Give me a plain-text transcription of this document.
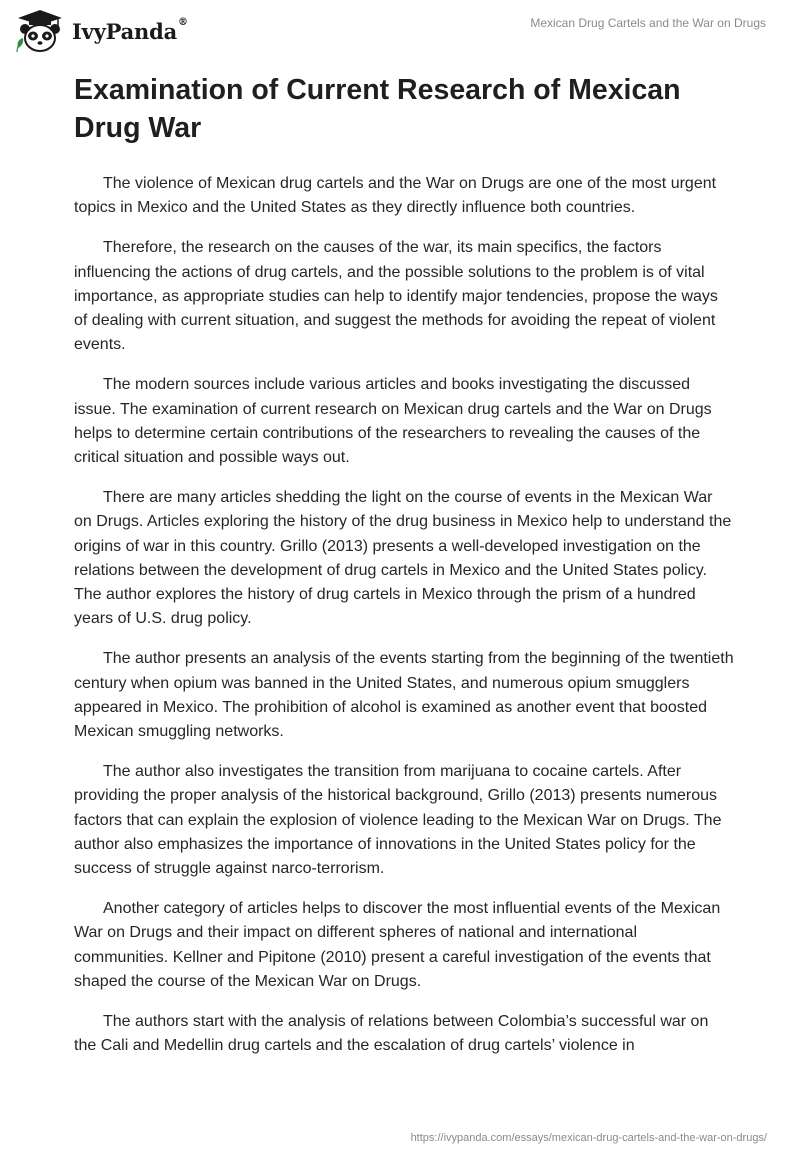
IvyPanda®	Mexican Drug Cartels and the War on Drugs
Examination of Current Research of Mexican Drug War

The violence of Mexican drug cartels and the War on Drugs are one of the most urgent topics in Mexico and the United States as they directly influence both countries.

Therefore, the research on the causes of the war, its main specifics, the factors influencing the actions of drug cartels, and the possible solutions to the problem is of vital importance, as appropriate studies can help to identify major tendencies, propose the ways of dealing with current situation, and suggest the methods for avoiding the repeat of violent events.

The modern sources include various articles and books investigating the discussed issue. The examination of current research on Mexican drug cartels and the War on Drugs helps to determine certain contributions of the researchers to revealing the causes of the critical situation and possible ways out.

There are many articles shedding the light on the course of events in the Mexican War on Drugs. Articles exploring the history of the drug business in Mexico help to understand the origins of war in this country. Grillo (2013) presents a well-developed investigation on the relations between the development of drug cartels in Mexico and the United States policy. The author explores the history of drug cartels in Mexico through the prism of a hundred years of U.S. drug policy.

The author presents an analysis of the events starting from the beginning of the twentieth century when opium was banned in the United States, and numerous opium smugglers appeared in Mexico. The prohibition of alcohol is examined as another event that boosted Mexican smuggling networks.

The author also investigates the transition from marijuana to cocaine cartels. After providing the proper analysis of the historical background, Grillo (2013) presents numerous factors that can explain the explosion of violence leading to the Mexican War on Drugs. The author also emphasizes the importance of innovations in the United States policy for the success of struggle against narco-terrorism.

Another category of articles helps to discover the most influential events of the Mexican War on Drugs and their impact on different spheres of national and international communities. Kellner and Pipitone (2010) present a careful investigation of the events that shaped the course of the Mexican War on Drugs.

The authors start with the analysis of relations between Colombia’s successful war on the Cali and Medellin drug cartels and the escalation of drug cartels’ violence in

https://ivypanda.com/essays/mexican-drug-cartels-and-the-war-on-drugs/
